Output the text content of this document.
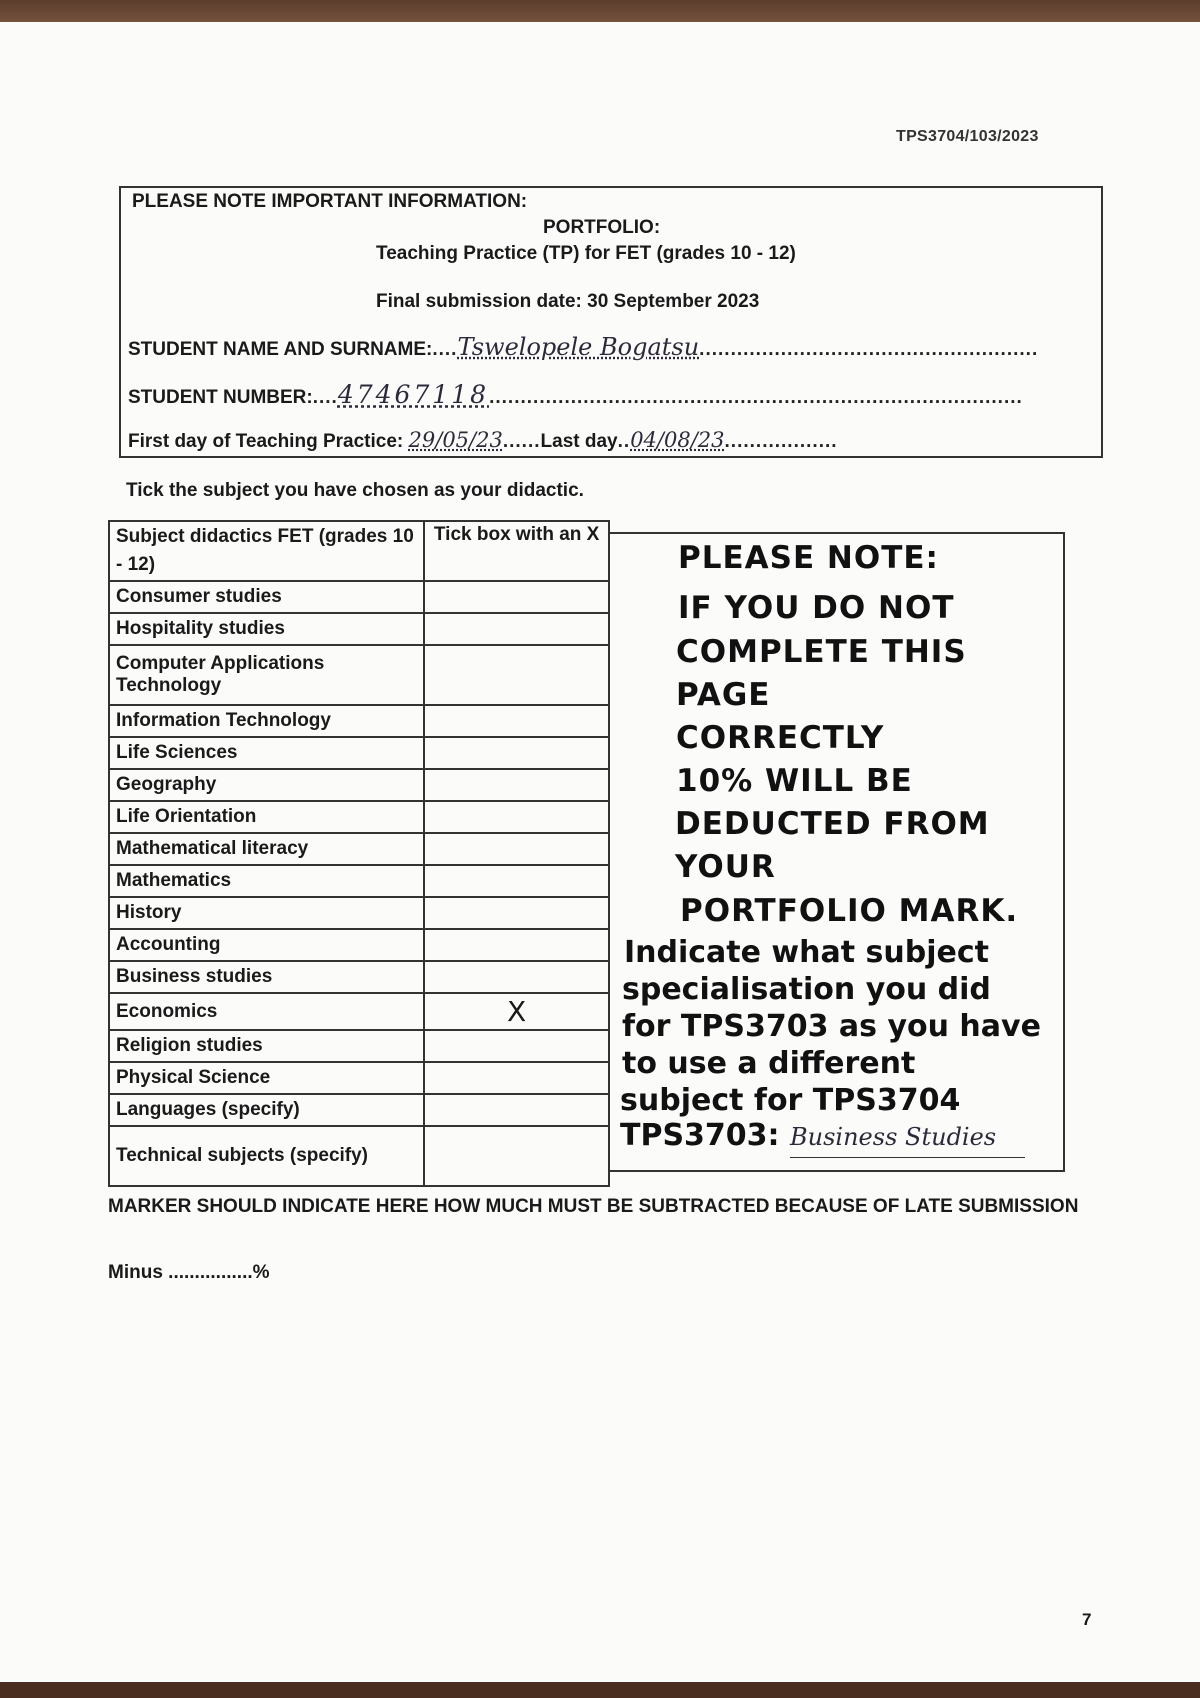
TPS3704/103/2023
PLEASE NOTE IMPORTANT INFORMATION:
PORTFOLIO:
Teaching Practice (TP) for FET (grades 10 - 12)
Final submission date: 30 September 2023
STUDENT NAME AND SURNAME:....Tswelopele Bogatsu......................................................
STUDENT NUMBER:....47467118.....................................................................................
First day of Teaching Practice: 29/05/23......Last day..04/08/23..................
Tick the subject you have chosen as your didactic.
Subject didactics FET (grades 10 - 12)	Tick box with an X
Consumer studies	
Hospitality studies	
Computer Applications Technology	
Information Technology	
Life Sciences	
Geography	
Life Orientation	
Mathematical literacy	
Mathematics	
History	
Accounting	
Business studies	
Economics	X
Religion studies	
Physical Science	
Languages (specify)	
Technical subjects (specify)	
PLEASE NOTE:
IF YOU DO NOT
COMPLETE THIS
PAGE
CORRECTLY
10% WILL BE
DEDUCTED FROM
YOUR
PORTFOLIO MARK.
Indicate what subject
specialisation you did
for TPS3703 as you have
to use a different
subject for TPS3704
TPS3703: Business Studies
MARKER SHOULD INDICATE HERE HOW MUCH MUST BE SUBTRACTED BECAUSE OF LATE SUBMISSION
Minus ................%
7
